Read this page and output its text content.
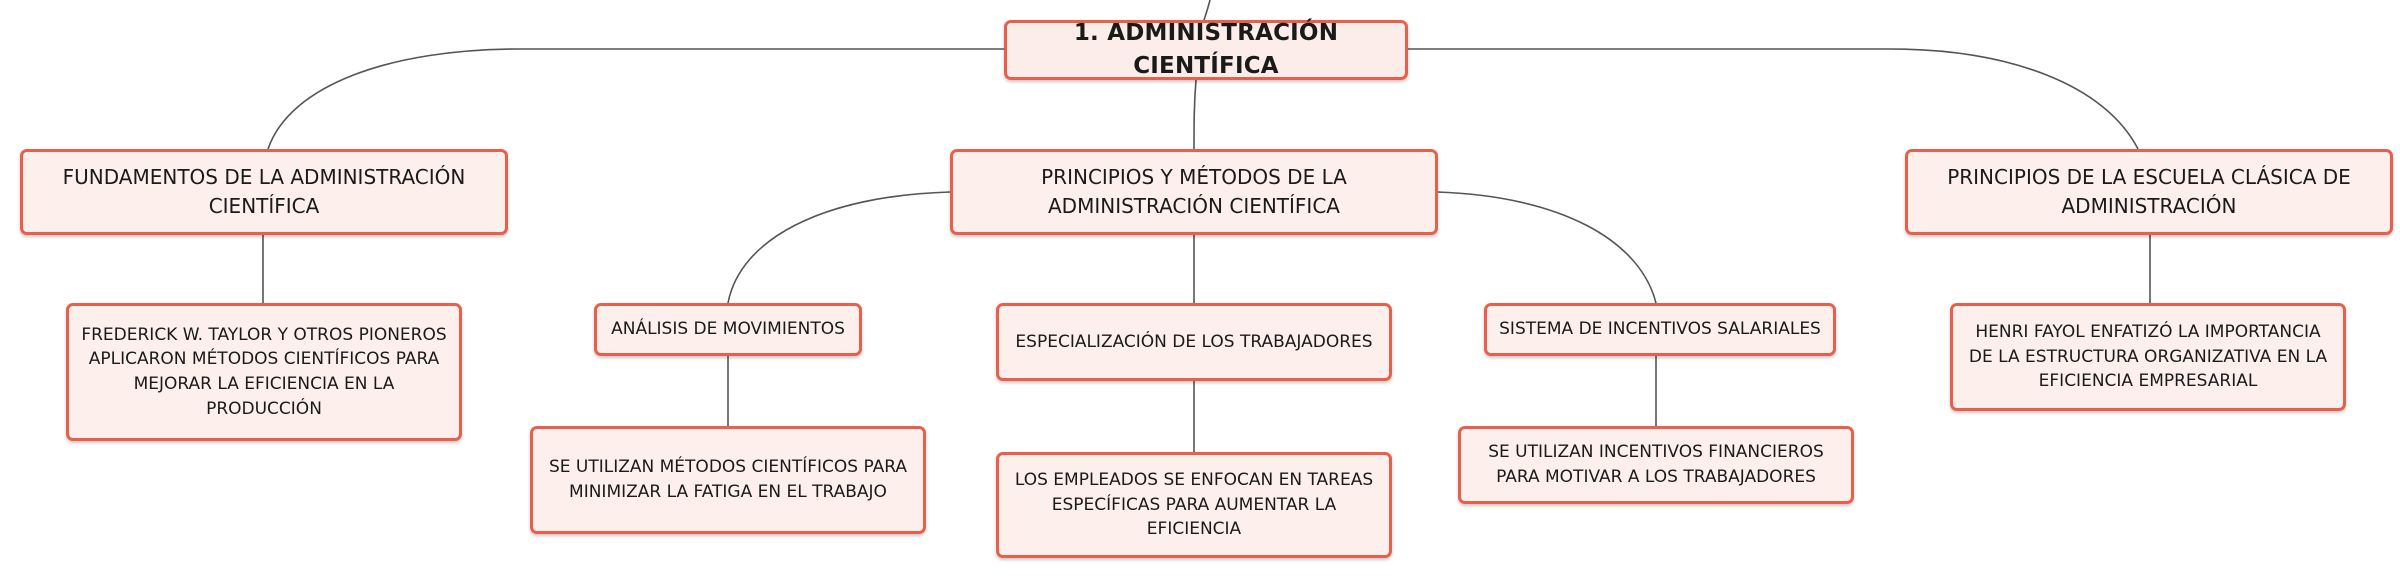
1. ADMINISTRACIÓN CIENTÍFICA
FUNDAMENTOS DE LA ADMINISTRACIÓN CIENTÍFICA
PRINCIPIOS Y MÉTODOS DE LA ADMINISTRACIÓN CIENTÍFICA
PRINCIPIOS DE LA ESCUELA CLÁSICA DE ADMINISTRACIÓN
FREDERICK W. TAYLOR Y OTROS PIONEROS APLICARON MÉTODOS CIENTÍFICOS PARA MEJORAR LA EFICIENCIA EN LA PRODUCCIÓN
ANÁLISIS DE MOVIMIENTOS
ESPECIALIZACIÓN DE LOS TRABAJADORES
SISTEMA DE INCENTIVOS SALARIALES	HENRI FAYOL ENFATIZÓ LA IMPORTANCIA DE LA ESTRUCTURA ORGANIZATIVA EN LA EFICIENCIA EMPRESARIAL
SE UTILIZAN MÉTODOS CIENTÍFICOS PARA MINIMIZAR LA FATIGA EN EL TRABAJO
LOS EMPLEADOS SE ENFOCAN EN TAREAS ESPECÍFICAS PARA AUMENTAR LA EFICIENCIA
SE UTILIZAN INCENTIVOS FINANCIEROS PARA MOTIVAR A LOS TRABAJADORES
